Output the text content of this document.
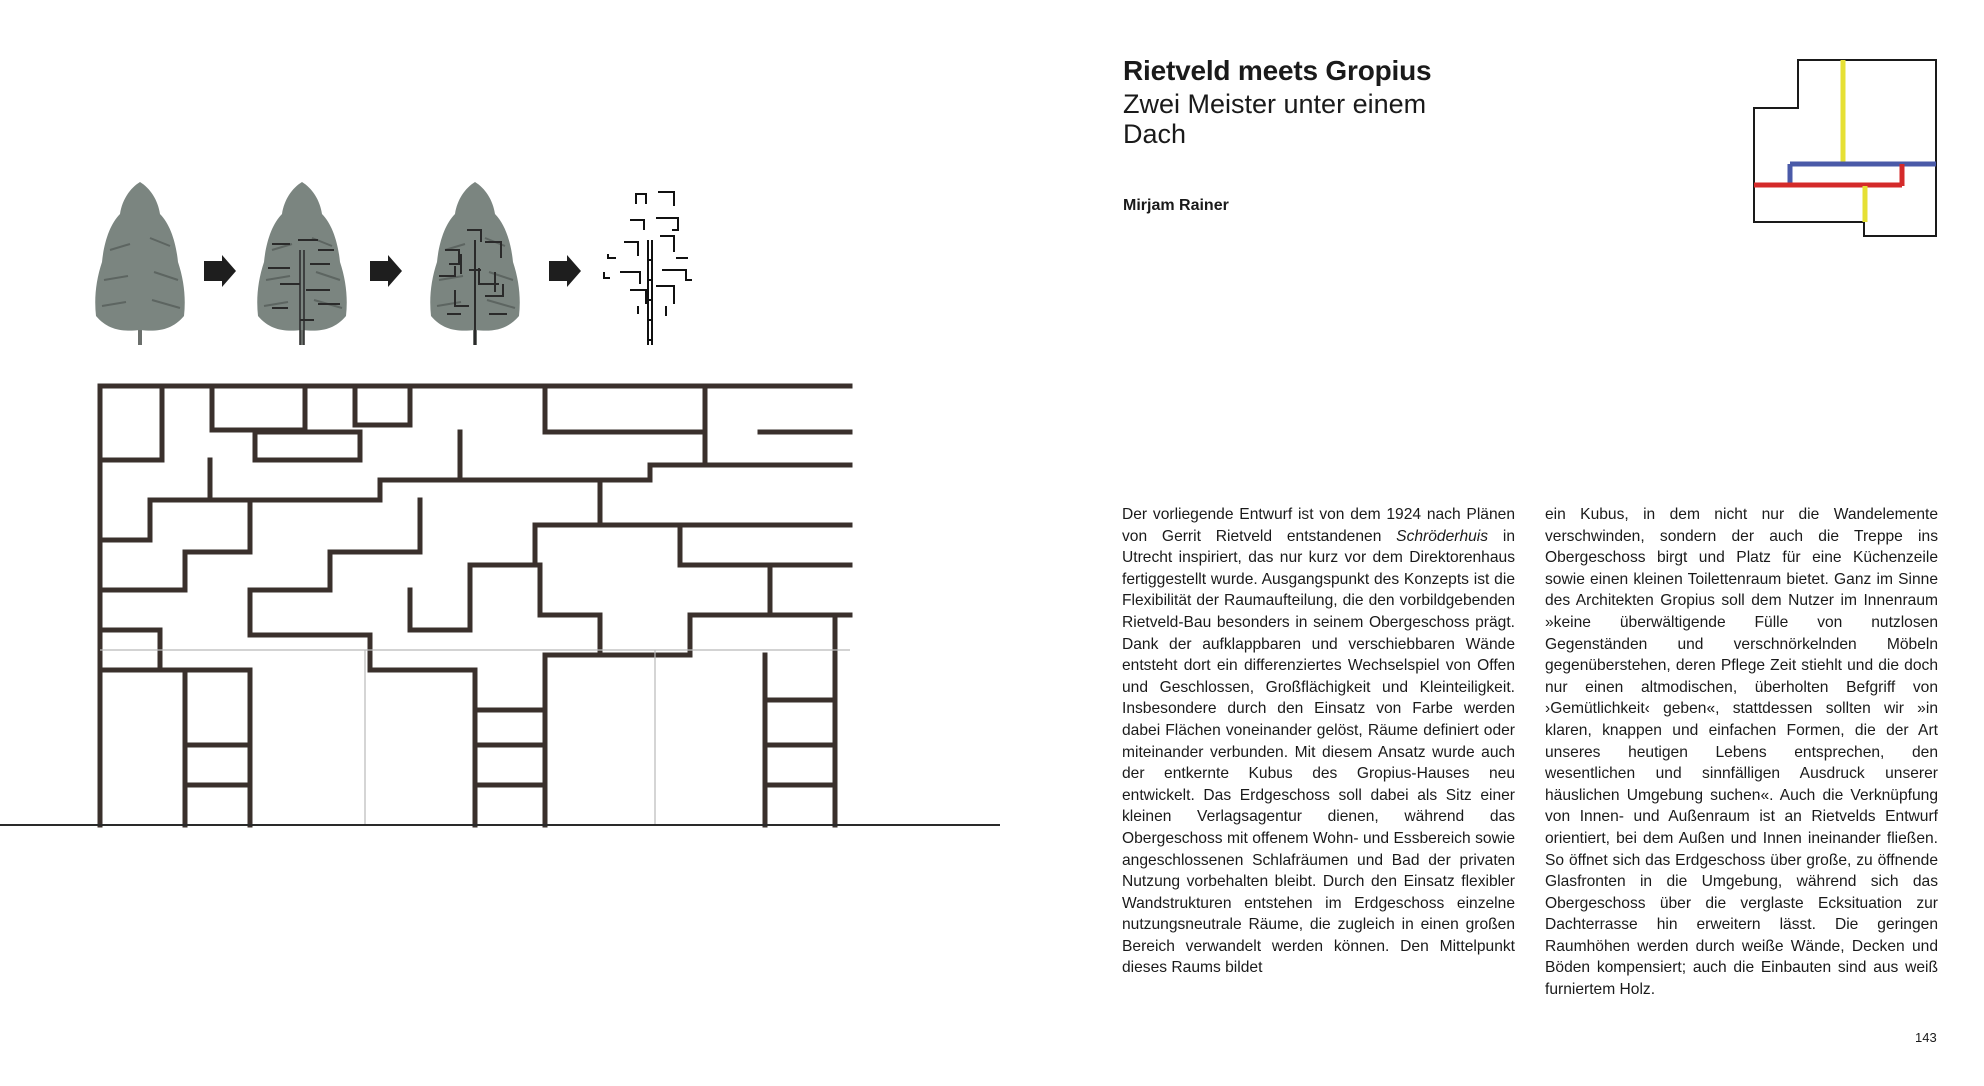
Rietveld meets Gropius
Zwei Meister unter einem Dach
Mirjam Rainer
Der vorliegende Entwurf ist von dem 1924 nach Plänen von Gerrit Rietveld entstandenen Schröderhuis in Utrecht inspiriert, das nur kurz vor dem Direktorenhaus fertiggestellt wurde. Ausgangspunkt des Konzepts ist die Flexibilität der Raumaufteilung, die den vorbildgebenden Rietveld-Bau besonders in seinem Obergeschoss prägt. Dank der aufklappbaren und verschiebbaren Wände entsteht dort ein differenziertes Wechselspiel von Offen und Geschlossen, Großflächigkeit und Kleinteiligkeit. Insbesondere durch den Einsatz von Farbe werden dabei Flächen voneinander gelöst, Räume definiert oder miteinander verbunden. Mit diesem Ansatz wurde auch der entkernte Kubus des Gropius-Hauses neu entwickelt. Das Erdgeschoss soll dabei als Sitz einer kleinen Verlagsagentur dienen, während das Obergeschoss mit offenem Wohn- und Essbereich sowie angeschlossenen Schlafräumen und Bad der privaten Nutzung vorbehalten bleibt. Durch den Einsatz flexibler Wandstrukturen entstehen im Erdgeschoss einzelne nutzungsneutrale Räume, die zugleich in einen großen Bereich verwandelt werden können. Den Mittelpunkt dieses Raums bildet
ein Kubus, in dem nicht nur die Wandelemente verschwinden, sondern der auch die Treppe ins Obergeschoss birgt und Platz für eine Küchenzeile sowie einen kleinen Toilettenraum bietet. Ganz im Sinne des Architekten Gropius soll dem Nutzer im Innenraum »keine überwältigende Fülle von nutzlosen Gegenständen und verschnörkelnden Möbeln gegenüberstehen, deren Pflege Zeit stiehlt und die doch nur einen altmodischen, überholten Befgriff von ›Gemütlichkeit‹ geben«, stattdessen sollten wir »in klaren, knappen und einfachen Formen, die der Art unseres heutigen Lebens entsprechen, den wesentlichen und sinnfälligen Ausdruck unserer häuslichen Umgebung suchen«. Auch die Verknüpfung von Innen- und Außenraum ist an Rietvelds Entwurf orientiert, bei dem Außen und Innen ineinander fließen. So öffnet sich das Erdgeschoss über große, zu öffnende Glasfronten in die Umgebung, während sich das Obergeschoss über die verglaste Ecksituation zur Dachterrasse hin erweitern lässt. Die geringen Raumhöhen werden durch weiße Wände, Decken und Böden kompensiert; auch die Einbauten sind aus weiß furniertem Holz.
143
